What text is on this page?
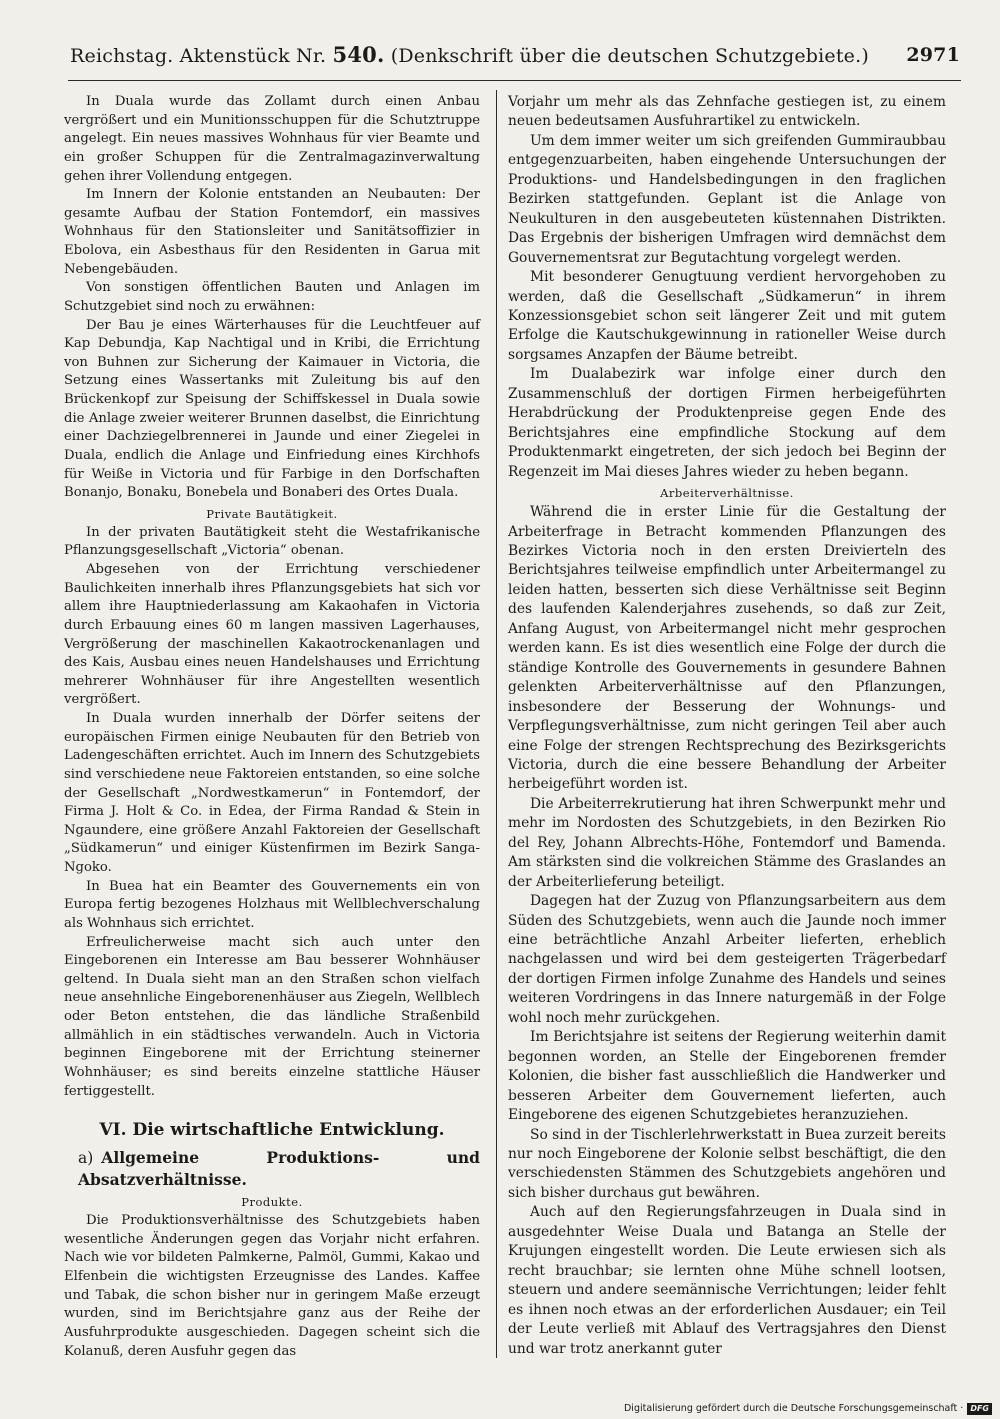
Reichstag. Aktenstück Nr. 540. (Denkschrift über die deutschen Schutzgebiete.) 2971

In Duala wurde das Zollamt durch einen Anbau vergrößert und ein Munitionsschuppen für die Schutztruppe angelegt. Ein neues massives Wohnhaus für vier Beamte und ein großer Schuppen für die Zentralmagazinverwaltung gehen ihrer Vollendung entgegen.

Im Innern der Kolonie entstanden an Neubauten: Der gesamte Aufbau der Station Fontemdorf, ein massives Wohnhaus für den Stationsleiter und Sanitätsoffizier in Ebolova, ein Asbesthaus für den Residenten in Garua mit Nebengebäuden.

Von sonstigen öffentlichen Bauten und Anlagen im Schutzgebiet sind noch zu erwähnen:

Der Bau je eines Wärterhauses für die Leuchtfeuer auf Kap Debundja, Kap Nachtigal und in Kribi, die Errichtung von Buhnen zur Sicherung der Kaimauer in Victoria, die Setzung eines Wassertanks mit Zuleitung bis auf den Brückenkopf zur Speisung der Schiffskessel in Duala sowie die Anlage zweier weiterer Brunnen daselbst, die Einrichtung einer Dachziegelbrennerei in Jaunde und einer Ziegelei in Duala, endlich die Anlage und Einfriedung eines Kirchhofs für Weiße in Victoria und für Farbige in den Dorfschaften Bonanjo, Bonaku, Bonebela und Bonaberi des Ortes Duala.

Private Bautätigkeit.

In der privaten Bautätigkeit steht die Westafrikanische Pflanzungsgesellschaft „Victoria“ obenan.

Abgesehen von der Errichtung verschiedener Baulichkeiten innerhalb ihres Pflanzungsgebiets hat sich vor allem ihre Hauptniederlassung am Kakaohafen in Victoria durch Erbauung eines 60 m langen massiven Lagerhauses, Vergrößerung der maschinellen Kakaotrockenanlagen und des Kais, Ausbau eines neuen Handelshauses und Errichtung mehrerer Wohnhäuser für ihre Angestellten wesentlich vergrößert.

In Duala wurden innerhalb der Dörfer seitens der europäischen Firmen einige Neubauten für den Betrieb von Ladengeschäften errichtet. Auch im Innern des Schutzgebiets sind verschiedene neue Faktoreien entstanden, so eine solche der Gesellschaft „Nordwestkamerun“ in Fontemdorf, der Firma J. Holt & Co. in Edea, der Firma Randad & Stein in Ngaundere, eine größere Anzahl Faktoreien der Gesellschaft „Südkamerun“ und einiger Küstenfirmen im Bezirk Sanga-Ngoko.

In Buea hat ein Beamter des Gouvernements ein von Europa fertig bezogenes Holzhaus mit Wellblechverschalung als Wohnhaus sich errichtet.

Erfreulicherweise macht sich auch unter den Eingeborenen ein Interesse am Bau besserer Wohnhäuser geltend. In Duala sieht man an den Straßen schon vielfach neue ansehnliche Eingeborenenhäuser aus Ziegeln, Wellblech oder Beton entstehen, die das ländliche Straßenbild allmählich in ein städtisches verwandeln. Auch in Victoria beginnen Eingeborene mit der Errichtung steinerner Wohnhäuser; es sind bereits einzelne stattliche Häuser fertiggestellt.

VI. Die wirtschaftliche Entwicklung.
a) Allgemeine Produktions- und Absatzverhältnisse.
Produkte.

Die Produktionsverhältnisse des Schutzgebiets haben wesentliche Änderungen gegen das Vorjahr nicht erfahren. Nach wie vor bildeten Palmkerne, Palmöl, Gummi, Kakao und Elfenbein die wichtigsten Erzeugnisse des Landes. Kaffee und Tabak, die schon bisher nur in geringem Maße erzeugt wurden, sind im Berichtsjahre ganz aus der Reihe der Ausfuhrprodukte ausgeschieden. Dagegen scheint sich die Kolanuß, deren Ausfuhr gegen das

Vorjahr um mehr als das Zehnfache gestiegen ist, zu einem neuen bedeutsamen Ausfuhrartikel zu entwickeln.

Um dem immer weiter um sich greifenden Gummiraubbau entgegenzuarbeiten, haben eingehende Untersuchungen der Produktions- und Handelsbedingungen in den fraglichen Bezirken stattgefunden. Geplant ist die Anlage von Neukulturen in den ausgebeuteten küstennahen Distrikten. Das Ergebnis der bisherigen Umfragen wird demnächst dem Gouvernementsrat zur Begutachtung vorgelegt werden.

Mit besonderer Genugtuung verdient hervorgehoben zu werden, daß die Gesellschaft „Südkamerun“ in ihrem Konzessionsgebiet schon seit längerer Zeit und mit gutem Erfolge die Kautschukgewinnung in rationeller Weise durch sorgsames Anzapfen der Bäume betreibt.

Im Dualabezirk war infolge einer durch den Zusammenschluß der dortigen Firmen herbeigeführten Herabdrückung der Produktenpreise gegen Ende des Berichtsjahres eine empfindliche Stockung auf dem Produktenmarkt eingetreten, der sich jedoch bei Beginn der Regenzeit im Mai dieses Jahres wieder zu heben begann.

Arbeiterverhältnisse.

Während die in erster Linie für die Gestaltung der Arbeiterfrage in Betracht kommenden Pflanzungen des Bezirkes Victoria noch in den ersten Dreivierteln des Berichtsjahres teilweise empfindlich unter Arbeitermangel zu leiden hatten, besserten sich diese Verhältnisse seit Beginn des laufenden Kalenderjahres zusehends, so daß zur Zeit, Anfang August, von Arbeitermangel nicht mehr gesprochen werden kann. Es ist dies wesentlich eine Folge der durch die ständige Kontrolle des Gouvernements in gesundere Bahnen gelenkten Arbeiterverhältnisse auf den Pflanzungen, insbesondere der Besserung der Wohnungs- und Verpflegungsverhältnisse, zum nicht geringen Teil aber auch eine Folge der strengen Rechtsprechung des Bezirksgerichts Victoria, durch die eine bessere Behandlung der Arbeiter herbeigeführt worden ist.

Die Arbeiterrekrutierung hat ihren Schwerpunkt mehr und mehr im Nordosten des Schutzgebiets, in den Bezirken Rio del Rey, Johann Albrechts-Höhe, Fontemdorf und Bamenda. Am stärksten sind die volkreichen Stämme des Graslandes an der Arbeiterlieferung beteiligt.

Dagegen hat der Zuzug von Pflanzungsarbeitern aus dem Süden des Schutzgebiets, wenn auch die Jaunde noch immer eine beträchtliche Anzahl Arbeiter lieferten, erheblich nachgelassen und wird bei dem gesteigerten Trägerbedarf der dortigen Firmen infolge Zunahme des Handels und seines weiteren Vordringens in das Innere naturgemäß in der Folge wohl noch mehr zurückgehen.

Im Berichtsjahre ist seitens der Regierung weiterhin damit begonnen worden, an Stelle der Eingeborenen fremder Kolonien, die bisher fast ausschließlich die Handwerker und besseren Arbeiter dem Gouvernement lieferten, auch Eingeborene des eigenen Schutzgebietes heranzuziehen.

So sind in der Tischlerlehrwerkstatt in Buea zurzeit bereits nur noch Eingeborene der Kolonie selbst beschäftigt, die den verschiedensten Stämmen des Schutzgebiets angehören und sich bisher durchaus gut bewähren.

Auch auf den Regierungsfahrzeugen in Duala sind in ausgedehnter Weise Duala und Batanga an Stelle der Krujungen eingestellt worden. Die Leute erwiesen sich als recht brauchbar; sie lernten ohne Mühe schnell lootsen, steuern und andere seemännische Verrichtungen; leider fehlt es ihnen noch etwas an der erforderlichen Ausdauer; ein Teil der Leute verließ mit Ablauf des Vertragsjahres den Dienst und war trotz anerkannt guter

Digitalisierung gefördert durch die Deutsche Forschungsgemeinschaft · DFG
